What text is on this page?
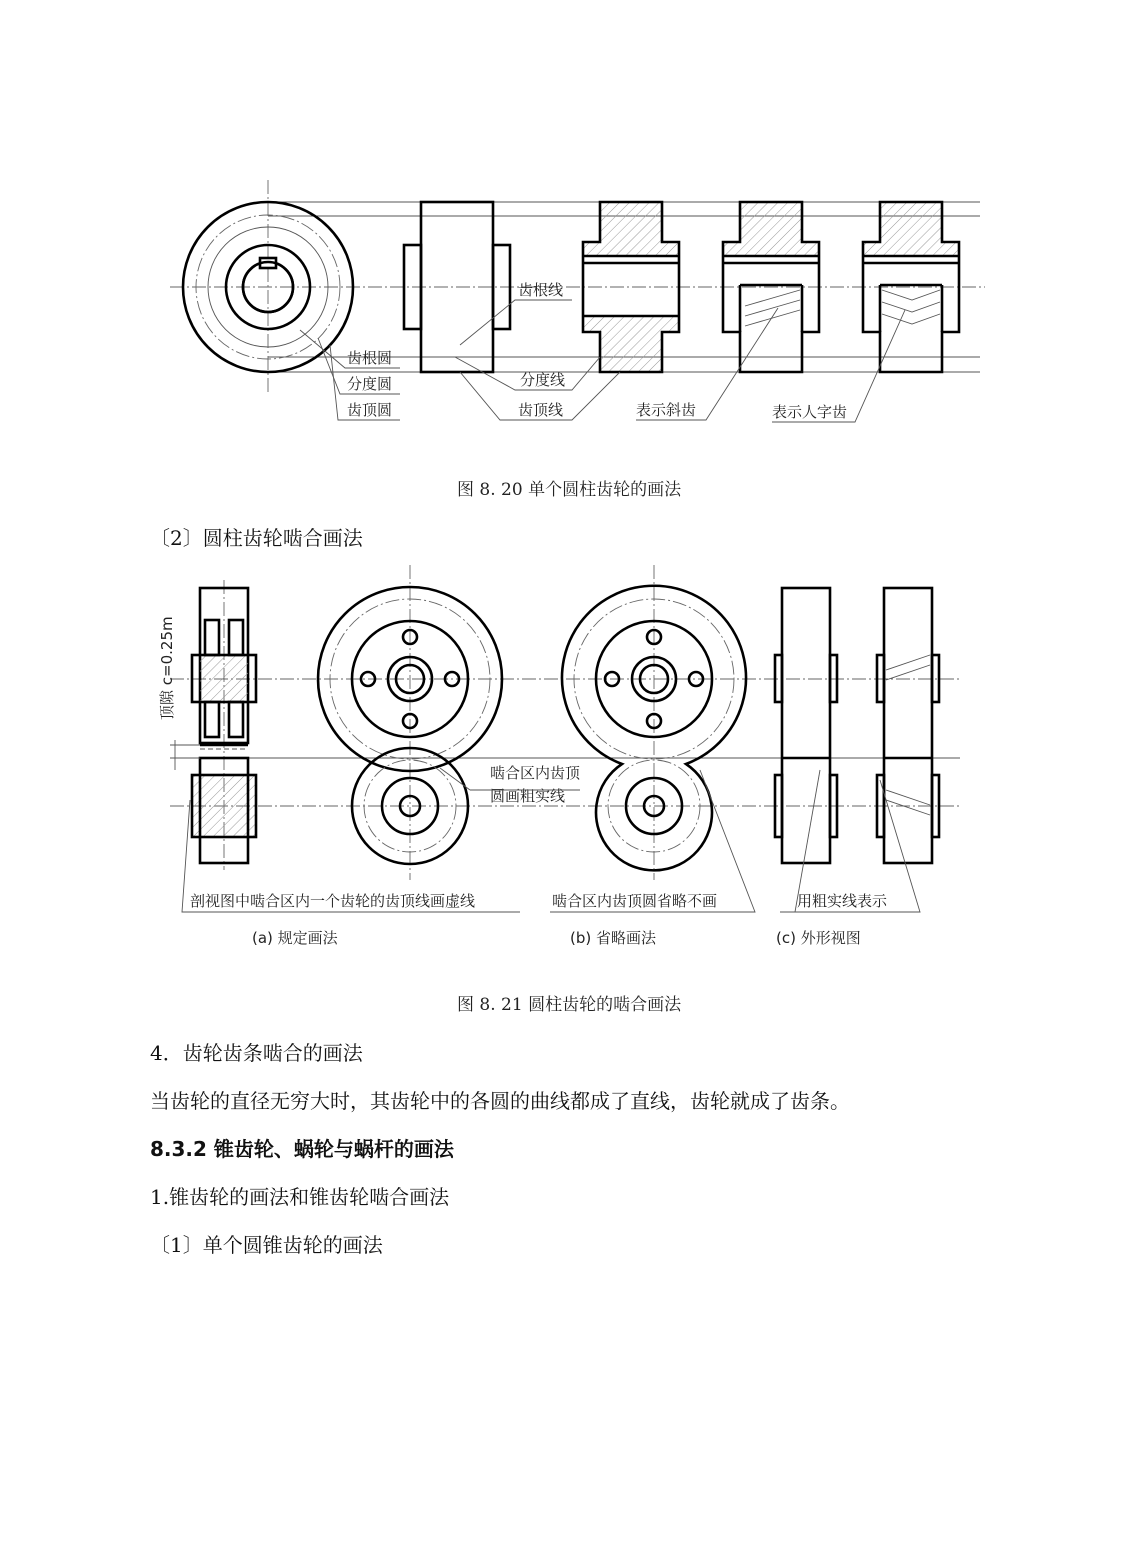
齿根圆
分度圆
齿顶圆
齿根线
分度线
齿顶线	表示斜齿	表示人字齿
顶隙 c=0.25m
啮合区内齿顶
圆画粗实线
剖视图中啮合区内一个齿轮的齿顶线画虚线	啮合区内齿顶圆省略不画	用粗实线表示
(a) 规定画法	(b) 省略画法	(c) 外形视图
图 8. 20 单个圆柱齿轮的画法
〔2〕圆柱齿轮啮合画法
图 8. 21 圆柱齿轮的啮合画法
4．齿轮齿条啮合的画法
当齿轮的直径无穷大时，其齿轮中的各圆的曲线都成了直线，齿轮就成了齿条。
8.3.2 锥齿轮、蜗轮与蜗杆的画法
1.锥齿轮的画法和锥齿轮啮合画法
〔1〕单个圆锥齿轮的画法
